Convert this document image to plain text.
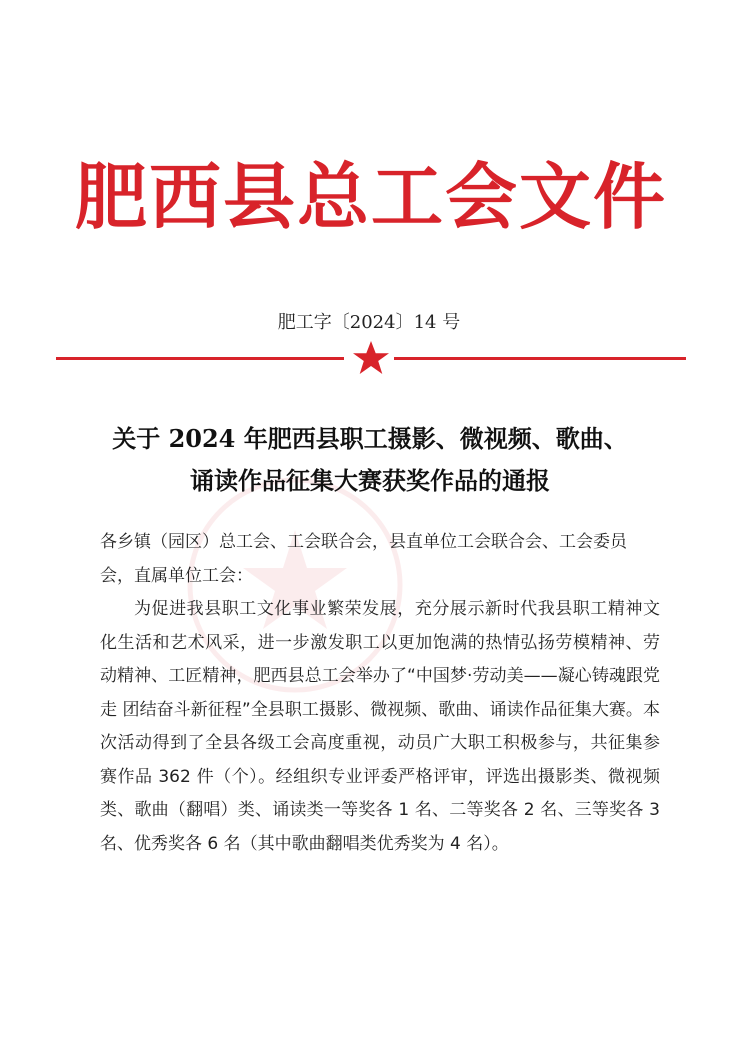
肥西县总工会文件
肥工字〔2024〕14 号
关于 2024 年肥西县职工摄影、微视频、歌曲、
诵读作品征集大赛获奖作品的通报
各乡镇（园区）总工会、工会联合会，县直单位工会联合会、工会委员会，直属单位工会：
为促进我县职工文化事业繁荣发展，充分展示新时代我县职工精神文化生活和艺术风采，进一步激发职工以更加饱满的热情弘扬劳模精神、劳动精神、工匠精神，肥西县总工会举办了“中国梦·劳动美——凝心铸魂跟党走 团结奋斗新征程”全县职工摄影、微视频、歌曲、诵读作品征集大赛。本次活动得到了全县各级工会高度重视，动员广大职工积极参与，共征集参赛作品 362 件（个）。经组织专业评委严格评审，评选出摄影类、微视频类、歌曲（翻唱）类、诵读类一等奖各 1 名、二等奖各 2 名、三等奖各 3 名、优秀奖各 6 名（其中歌曲翻唱类优秀奖为 4 名）。
